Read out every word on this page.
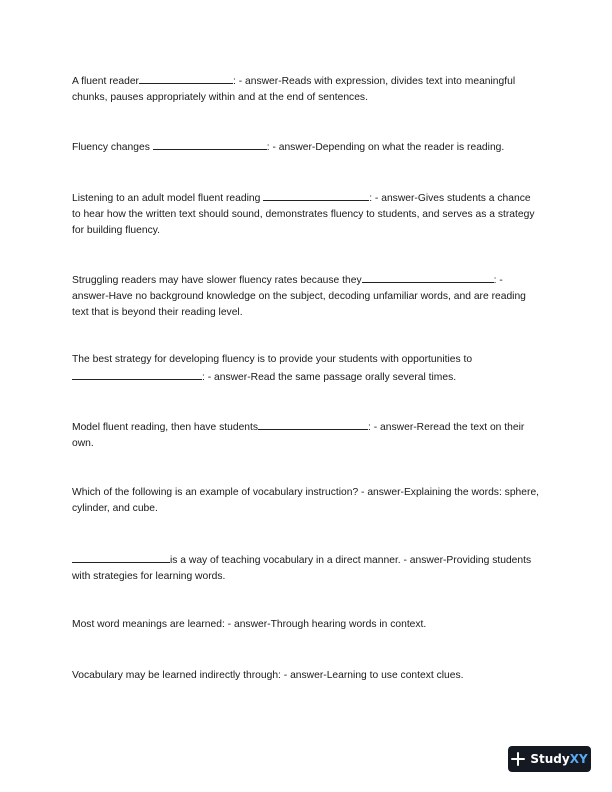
A fluent reader	: - answer-Reads with expression, divides text into meaningful chunks, pauses appropriately within and at the end of sentences.

Fluency changes	: - answer-Depending on what the reader is reading.

Listening to an adult model fluent reading	: - answer-Gives students a chance to hear how the written text should sound, demonstrates fluency to students, and serves as a strategy for building fluency.

Struggling readers may have slower fluency rates because they	: - answer-Have no background knowledge on the subject, decoding unfamiliar words, and are reading text that is beyond their reading level.

The best strategy for developing fluency is to provide your students with opportunities to : - answer-Read the same passage orally several times.

Model fluent reading, then have students	: - answer-Reread the text on their own.

Which of the following is an example of vocabulary instruction? - answer-Explaining the words: sphere, cylinder, and cube.

is a way of teaching vocabulary in a direct manner. - answer-Providing students with strategies for learning words.

Most word meanings are learned: - answer-Through hearing words in context.

Vocabulary may be learned indirectly through: - answer-Learning to use context clues.

StudyXY
